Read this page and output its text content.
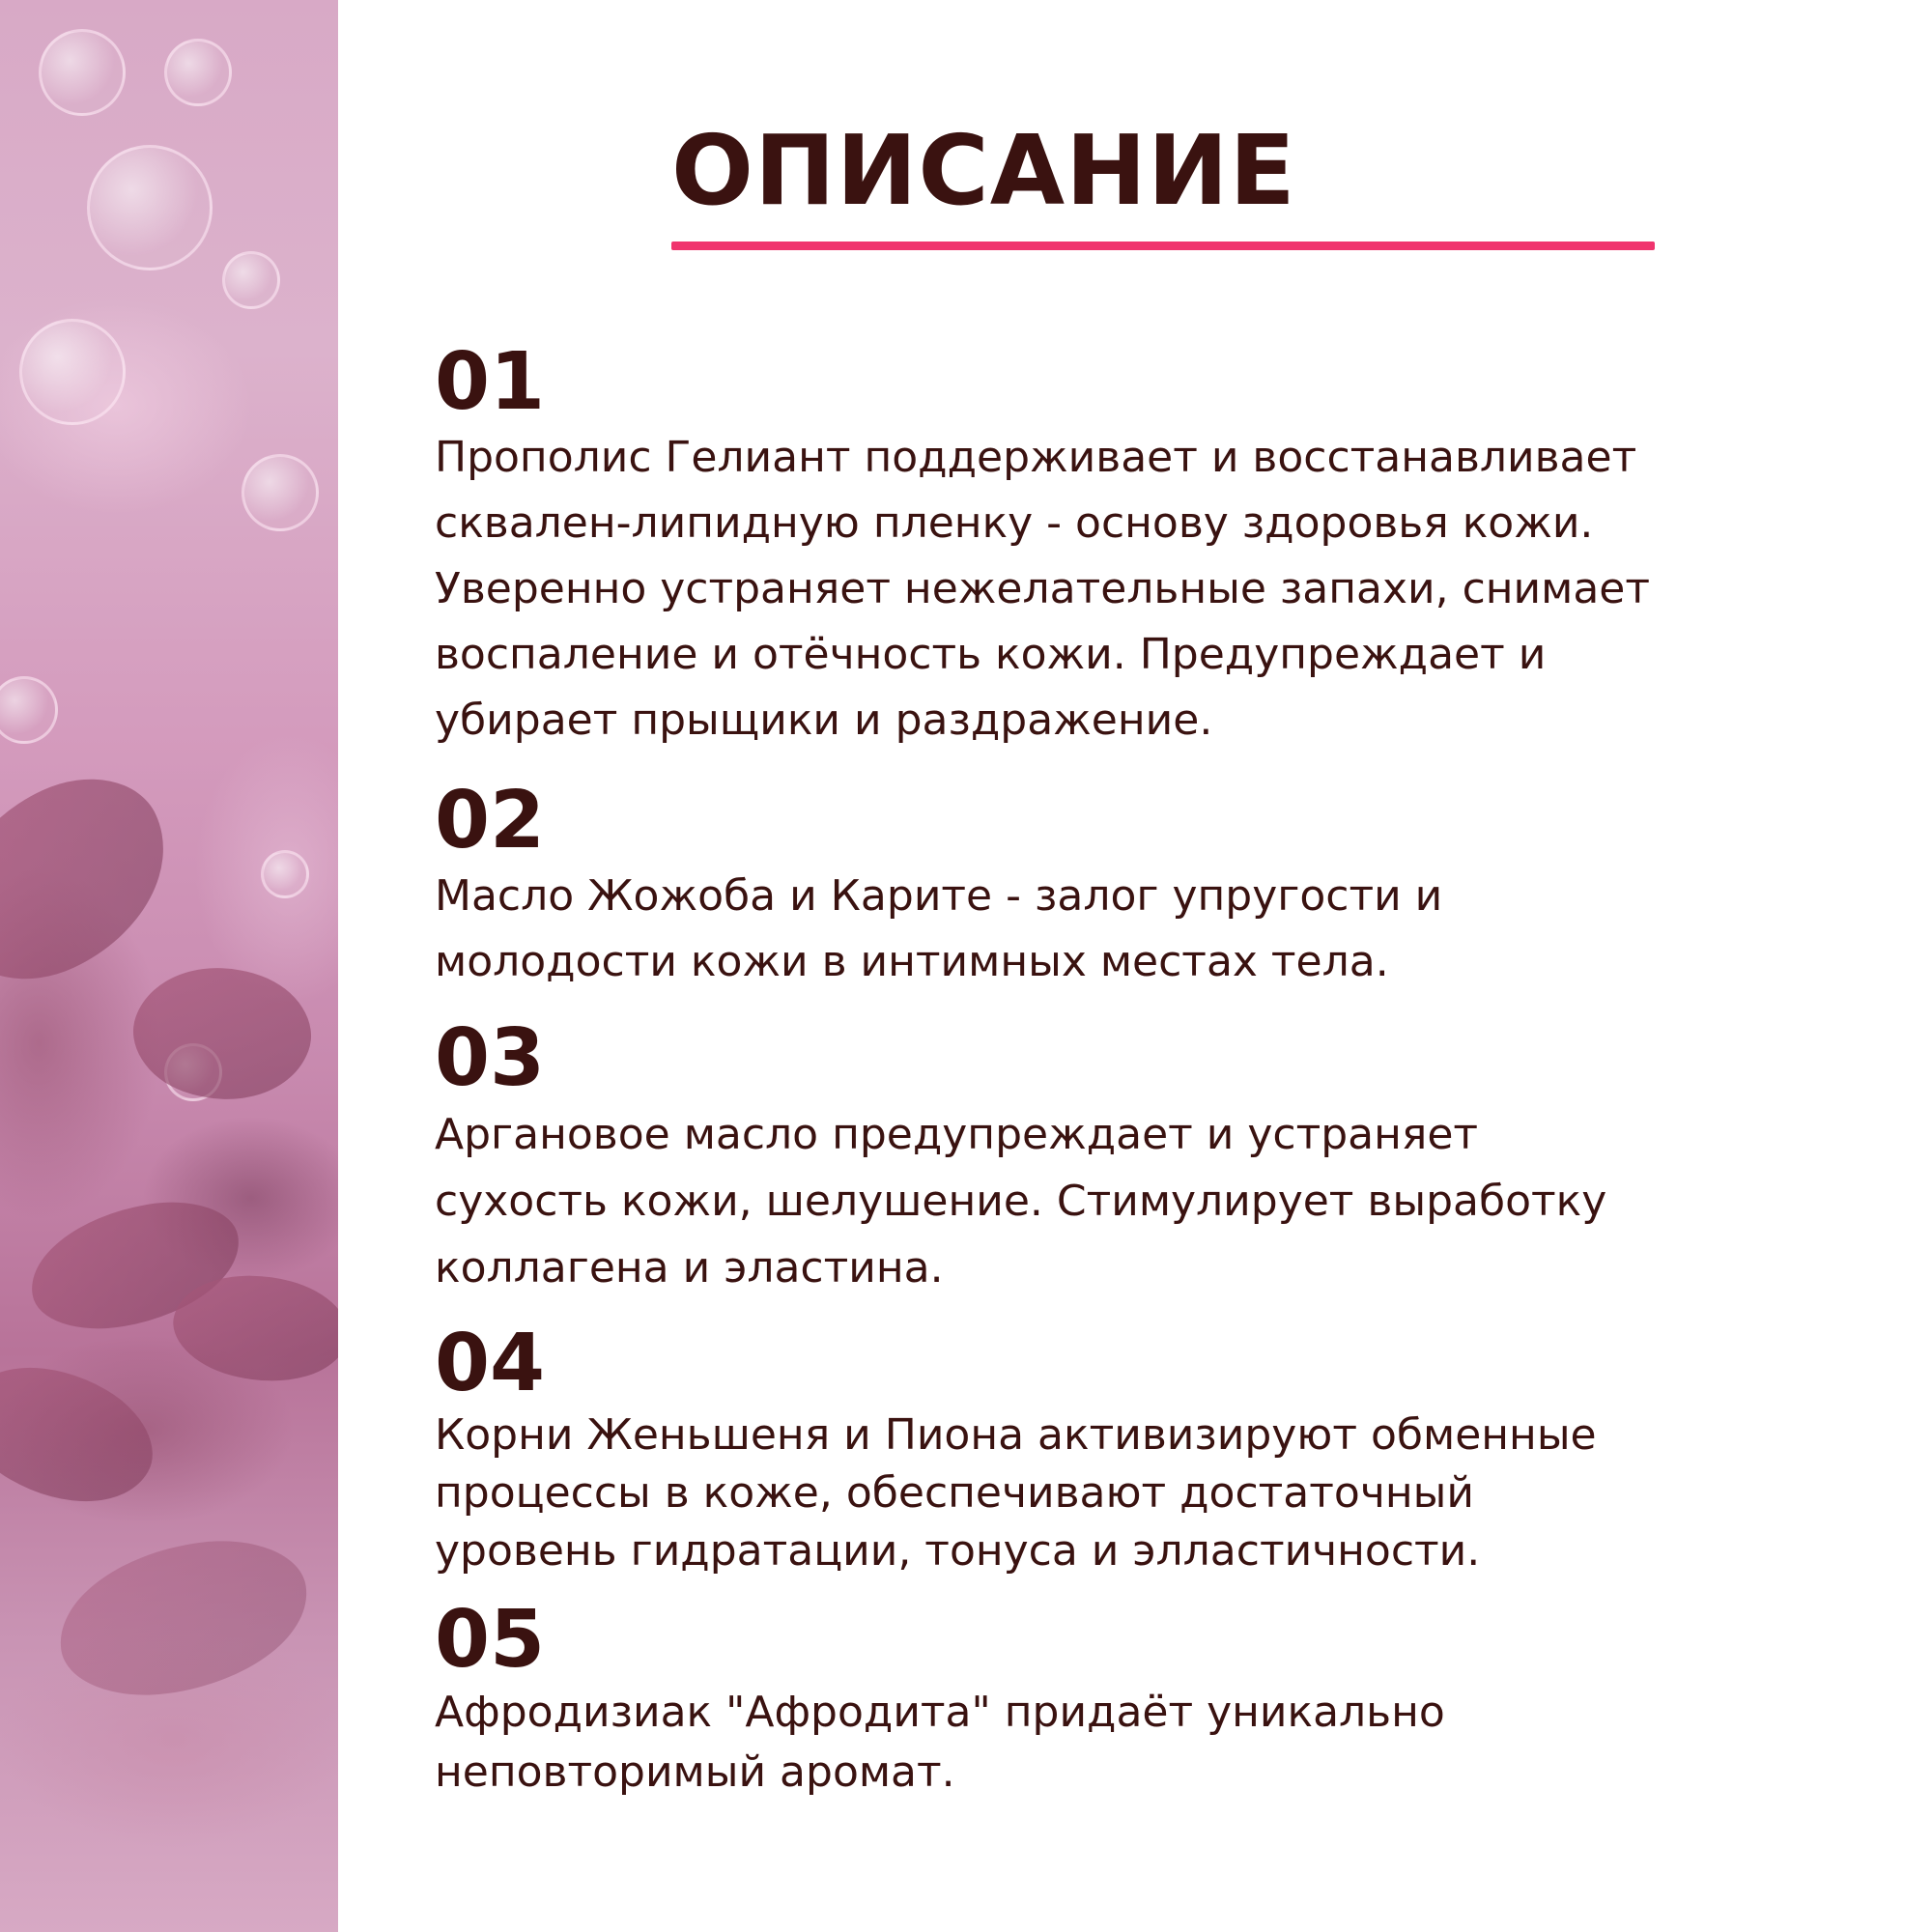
ОПИСАНИЕ
01
Прополис Гелиант поддерживает и восстанавливает
сквален-липидную пленку - основу здоровья кожи.
Уверенно устраняет нежелательные запахи, снимает
воспаление и отёчность кожи. Предупреждает и
убирает прыщики и раздражение.
02
Масло Жожоба и Карите - залог упругости и
молодости кожи в интимных местах тела.
03
Аргановое масло предупреждает и устраняет
сухость кожи, шелушение. Стимулирует выработку
коллагена и эластина.
04
Корни Женьшеня и Пиона активизируют обменные
процессы в коже, обеспечивают достаточный
уровень гидратации, тонуса и элластичности.
05
Афродизиак "Афродита" придаёт уникально
неповторимый аромат.
